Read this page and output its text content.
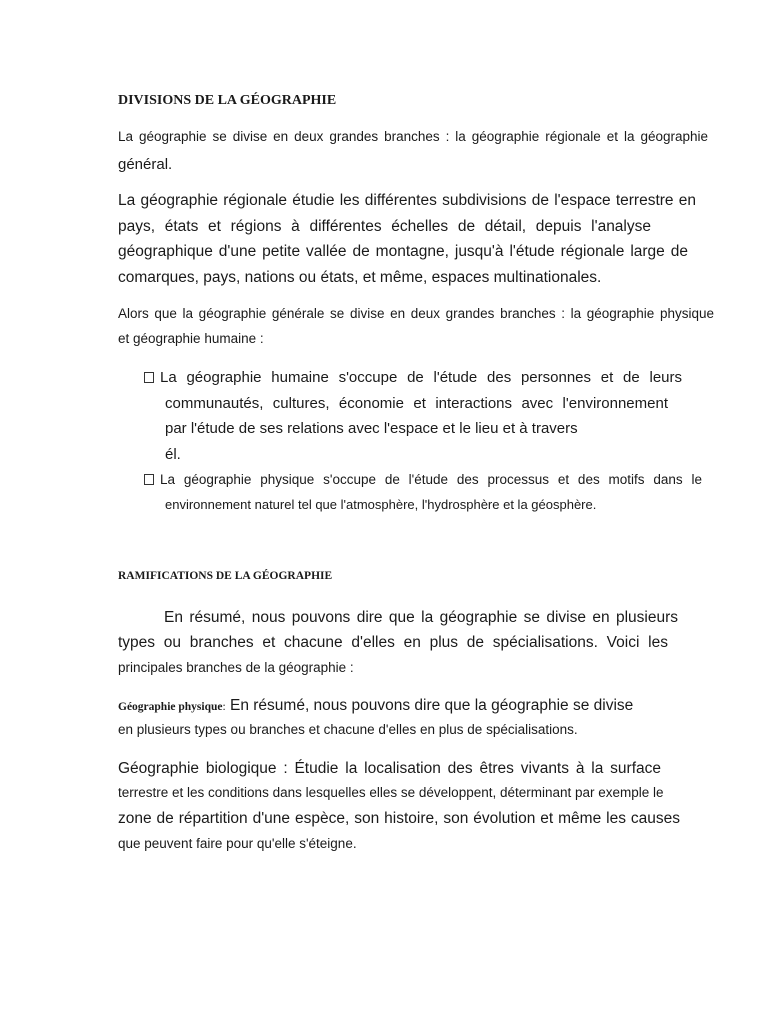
DIVISIONS DE LA GÉOGRAPHIE
La géographie se divise en deux grandes branches : la géographie régionale et la géographie
général.
La géographie régionale étudie les différentes subdivisions de l'espace terrestre en
pays, états et régions à différentes échelles de détail, depuis l'analyse
géographique d'une petite vallée de montagne, jusqu'à l'étude régionale large de
comarques, pays, nations ou états, et même, espaces multinationales.
Alors que la géographie générale se divise en deux grandes branches : la géographie physique
et géographie humaine :
La géographie humaine s'occupe de l'étude des personnes et de leurs
communautés, cultures, économie et interactions avec l'environnement
par l'étude de ses relations avec l'espace et le lieu et à travers
él.
La géographie physique s'occupe de l'étude des processus et des motifs dans le
environnement naturel tel que l'atmosphère, l'hydrosphère et la géosphère.
RAMIFICATIONS DE LA GÉOGRAPHIE
En résumé, nous pouvons dire que la géographie se divise en plusieurs
types ou branches et chacune d'elles en plus de spécialisations. Voici les
principales branches de la géographie :
Géographie physique: En résumé, nous pouvons dire que la géographie se divise
en plusieurs types ou branches et chacune d'elles en plus de spécialisations.
Géographie biologique : Étudie la localisation des êtres vivants à la surface
terrestre et les conditions dans lesquelles elles se développent, déterminant par exemple le
zone de répartition d'une espèce, son histoire, son évolution et même les causes
que peuvent faire pour qu'elle s'éteigne.
